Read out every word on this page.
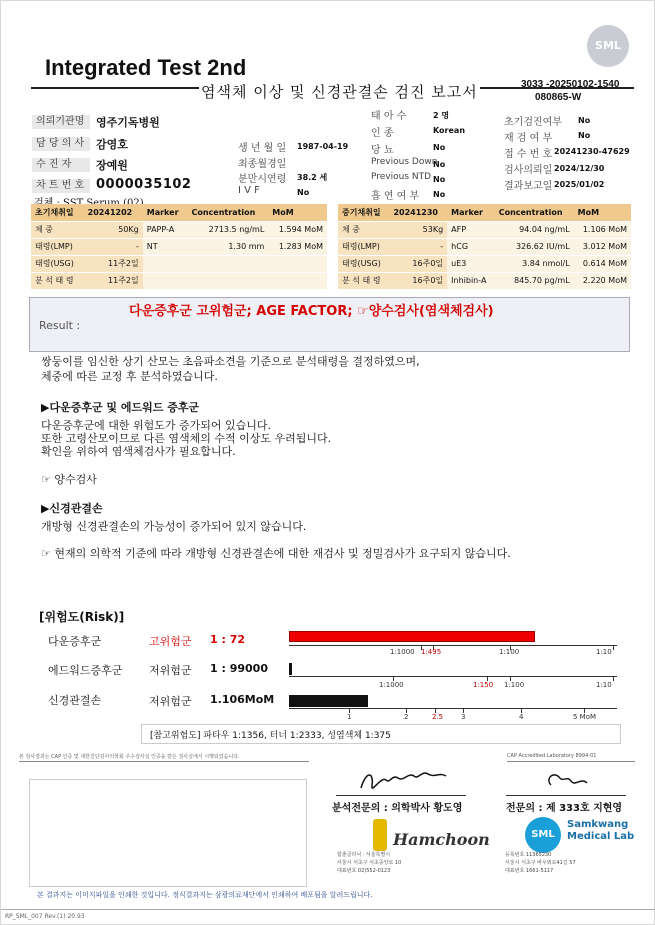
SML
Integrated Test 2nd
염색체 이상 및 신경관결손 검진 보고서	3033 -20250102-1540
080865-W
의뢰기관명	영주기독병원
담 당 의 사	감영호
수 진 자	장예원
차 트 번 호 0000035102
생 년 월 일 1987-04-19
최종월경일
분만시연령 38.2 세
I V F	No
태 아 수	2 명
인 종	Korean
당 뇨	No
Previous Down
No
Previous NTD No
흡 연 여 부 No
초기검진여부 No
재 검 여 부	No
접 수 번 호 20241230-47629
검사의뢰일 2024/12/30
결과보고일 2025/01/02
초기채취일	20241202	Marker	Concentration	MoM
체 중	50Kg	PAPP-A	2713.5 ng/mL	1.594 MoM
태령(LMP)	-	NT	1.30 mm	1.283 MoM
태령(USG)	11주2일			
분 석 태 령	11주2일			
중기채취일	20241230	Marker	Concentration	MoM
체 중	53Kg	AFP	94.04 ng/mL	1.106 MoM
태령(LMP)	-	hCG	326.62 IU/mL	3.012 MoM
태령(USG)	16주0일	uE3	3.84 nmol/L	0.614 MoM
분 석 태 령	16주0일	Inhibin-A	845.70 pg/mL	2.220 MoM
Result :
다운증후군 고위험군; AGE FACTOR; ☞양수검사(염색체검사)
쌍둥이를 임신한 상기 산모는 초음파소견을 기준으로 분석태령을 결정하였으며,
체중에 따른 교정 후 분석하였습니다.
▶다운증후군 및 에드워드 증후군
다운증후군에 대한 위험도가 증가되어 있습니다.
또한 고령산모이므로 다른 염색체의 수적 이상도 우려됩니다.
확인을 위하여 염색체검사가 필요합니다.
☞ 양수검사
▶신경관결손
개방형 신경관결손의 가능성이 증가되어 있지 않습니다.
☞ 현재의 의학적 기준에 따라 개방형 신경관결손에 대한 재검사 및 정밀검사가 요구되지 않습니다.
[위험도(Risk)]
다운증후군	고위험군 1 : 72
1:1000 1:495	1:100	1:10
에드워드증후군 저위험군 1 : 99000
1:1000	1:150 1:100	1:10
신경관결손	저위험군 1.106MoM
1	2	2.5	3	4	5 MoM
[참고위험도] 파타우 1:1356, 터너 1:2333, 성염색체 1:375
본 검사결과는 CAP 인증 및 대한진단검사의학회 우수검사실 인증을 받은 검사실에서 시행되었습니다.	CAP Accredited Laboratory 8994-01
분석전문의 : 의학박사 황도영	전문의 : 제 333호 지현영
Hamchoon
함춘클리닉 · 서울특별시
서울시 서초구 서초중앙로 10
대표번호 02)552-0123
SML
Samkwang
Medical Lab
등록번호 11365230
서울시 서초구 바우뫼로41길 57
대표번호 1661-5117
본 결과지는 이미지파일을 인쇄한 것입니다. 정식결과지는 삼광의료재단에서 인쇄하여 배포됨을 알려드립니다.
RP_SML_007 Rev.(1) 20.93
